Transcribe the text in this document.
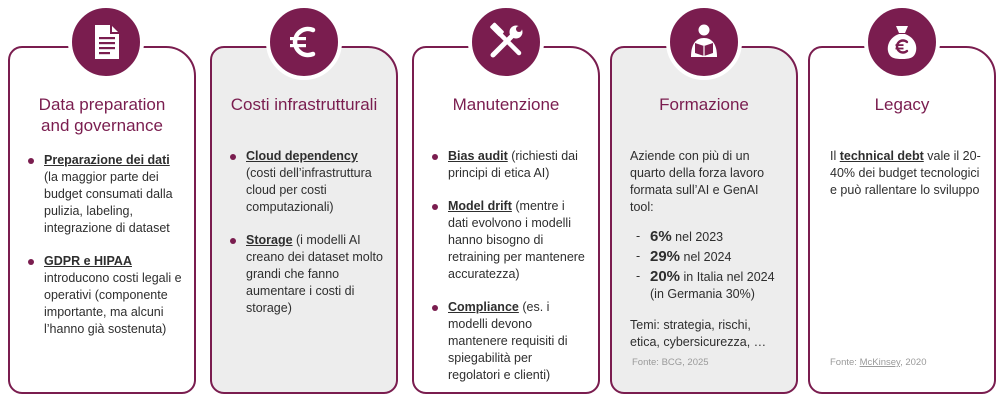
Data preparation
and governance
Preparazione dei dati (la maggior parte dei budget consumati dalla pulizia, labeling, integrazione di dataset
GDPR e HIPAA introducono costi legali e operativi (componente importante, ma alcuni l’hanno già sostenuta)
Costi infrastrutturali
Cloud dependency (costi dell’infrastruttura cloud per costi computazionali)
Storage (i modelli AI creano dei dataset molto grandi che fanno aumentare i costi di storage)
Manutenzione
Bias audit (richiesti dai principi di etica AI)
Model drift (mentre i dati evolvono i modelli hanno bisogno di retraining per mantenere accuratezza)
Compliance (es. i modelli devono mantenere requisiti di spiegabilità per regolatori e clienti)
Formazione
Aziende con più di un quarto della forza lavoro formata sull’AI e GenAI tool:
- 6% nel 2023
- 29% nel 2024
- 20% in Italia nel 2024 (in Germania 30%)
Temi: strategia, rischi, etica, cybersicurezza, …
Fonte: BCG, 2025
Legacy
Il technical debt vale il 20-40% dei budget tecnologici e può rallentare lo sviluppo
Fonte: McKinsey, 2020
